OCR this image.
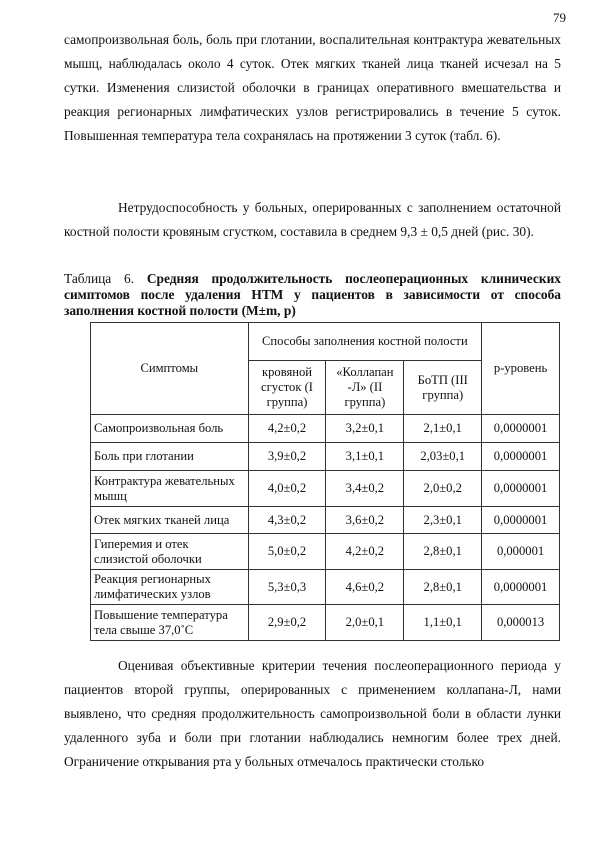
79

самопроизвольная боль, боль при глотании, воспалительная контрактура жевательных мышц, наблюдалась около 4 суток. Отек мягких тканей лица тканей исчезал на 5 сутки. Изменения слизистой оболочки в границах оперативного вмешательства и реакция регионарных лимфатических узлов регистрировались в течение 5 суток. Повышенная температура тела сохранялась на протяжении 3 суток (табл. 6).

Нетрудоспособность у больных, оперированных с заполнением остаточной костной полости кровяным сгустком, составила в среднем 9,3 ± 0,5 дней (рис. 30).

Таблица 6. Средняя продолжительность послеоперационных клинических симптомов после удаления НТМ у пациентов в зависимости от способа заполнения костной полости (M±m, p)
Симптомы	Способы заполнения костной полости			p-уровень
	кровяной сгусток (I группа)	«Коллапан -Л» (II группа)	БоТП (III группа)	
Самопроизвольная боль	4,2±0,2	3,2±0,1	2,1±0,1	0,0000001
Боль при глотании	3,9±0,2	3,1±0,1	2,03±0,1	0,0000001
Контрактура жевательных мышц	4,0±0,2	3,4±0,2	2,0±0,2	0,0000001
Отек мягких тканей лица	4,3±0,2	3,6±0,2	2,3±0,1	0,0000001
Гиперемия и отек слизистой оболочки	5,0±0,2	4,2±0,2	2,8±0,1	0,000001
Реакция регионарных лимфатических узлов	5,3±0,3	4,6±0,2	2,8±0,1	0,0000001
Повышение температура тела свыше 37,0˚С	2,9±0,2	2,0±0,1	1,1±0,1	0,000013

Оценивая объективные критерии течения послеоперационного периода у пациентов второй группы, оперированных с применением коллапана-Л, нами выявлено, что средняя продолжительность самопроизвольной боли в области лунки удаленного зуба и боли при глотании наблюдались немногим более трех дней. Ограничение открывания рта у больных отмечалось практически столько
